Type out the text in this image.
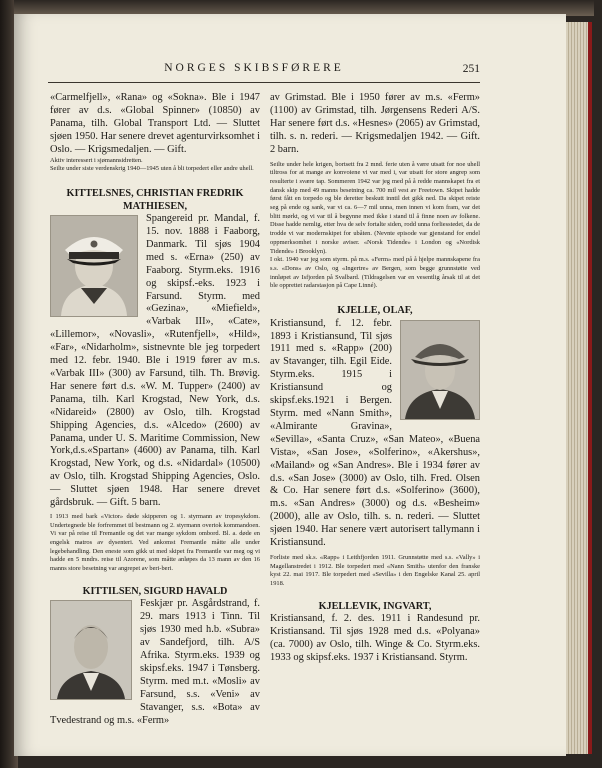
NORGES SKIBSFØRERE	251

«Carmelfjell», «Rana» og «Sokna». Ble i 1947 fører av d.s. «Global Spinner» (10850) av Panama, tilh. Global Transport Ltd. — Sluttet sjøen 1950. Har senere drevet agenturvirksomhet i Oslo. — Krigsmedaljen. — Gift.

Aktiv interessert i sjømannsidretten.

Seilte under siste verdenskrig 1940—1945 uten å bli torpedert eller andre uhell.

KITTELSNES, CHRISTIAN FREDRIK MATHIESEN,

Spangereid pr. Mandal, f. 15. nov. 1888 i Faaborg, Danmark. Til sjøs 1904 med s. «Erna» (250) av Faaborg. Styrm.eks. 1916 og skipsf.-eks. 1923 i Farsund. Styrm. med «Gezina», «Miefield», «Varbak III», «Cate», «Lillemor», «Novasli», «Rutenfjell», «Hild», «Far», «Nidarholm», sistnevnte ble jeg torpedert med 12. febr. 1940. Ble i 1919 fører av m.s. «Varbak III» (300) av Farsund, tilh. Th. Brøvig. Har senere ført d.s. «W. M. Tupper» (2400) av Panama, tilh. Karl Krogstad, New York, d.s. «Nidareid» (2800) av Oslo, tilh. Krogstad Shipping Agencies, d.s. «Alcedo» (2600) av Panama, under U. S. Maritime Commission, New York,d.s.«Spartan» (4600) av Panama, tilh. Karl Krogstad, New York, og d.s. «Nidardal» (10500) av Oslo, tilh. Krogstad Shipping Agencies, Oslo. — Sluttet sjøen 1948. Har senere drevet gårdsbruk. — Gift. 5 barn.

I 1913 med bark «Victor» døde skipperen og 1. styrmann av tropesykdom. Undertegnede ble forfremmet til bestmann og 2. styrmann overtok kommandoen. Vi var på reise til Fremantle og det var mange sykdom ombord. Bl. a. døde en engelsk matros av dysenteri. Ved ankomst Fremantle måtte alle under legebehandling. Den eneste som gikk ut med skipet fra Fremantle var meg og vi hadde en 5 mndrs. reise til Azorene, som måtte anløpes da 13 mann av den 16 manns store besetning var angrepet av beri-beri.

KITTILSEN, SIGURD HAVALD

Feskjær pr. Asgårdstrand, f. 29. mars 1913 i Tinn. Til sjøs 1930 med h.b. «Subra» av Sandefjord, tilh. A/S Afrika. Styrm.eks. 1939 og skipsf.eks. 1947 i Tønsberg. Styrm. med m.t. «Mosli» av Farsund, s.s. «Veni» av Stavanger, s.s. «Bota» av Tvedestrand og m.s. «Ferm»

av Grimstad. Ble i 1950 fører av m.s. «Ferm» (1100) av Grimstad, tilh. Jørgensens Rederi A/S. Har senere ført d.s. «Hesnes» (2065) av Grimstad, tilh. s. n. rederi. — Krigsmedaljen 1942. — Gift. 2 barn.

Seilte under hele krigen, bortsett fra 2 mnd. ferie uten å være utsatt for noe uhell tiltross for at mange av konvoiene vi var med i, var utsatt for store angrep som resulterte i svære tap. Sommeren 1942 var jeg med på å redde mannskapet fra et dansk skip med 49 manns besetning ca. 700 mil vest av Freetown. Skipet hadde først fått en torpedo og ble deretter beskutt inntil det gikk ned. Da skipet reiste seg på ende og sank, var vi ca. 6—7 mil unna, men innen vi kom fram, var det blitt mørkt, og vi var til å begynne med ikke i stand til å finne noen av folkene. Disse hadde nemlig, etter hva de selv fortalte siden, rodd unna forliesstedet, da de trodde vi var modernskipet for ubåten. (Nevnte episode var gjenstand for endel oppmerksomhet i norske aviser. «Norsk Tidende» i London og «Nordisk Tidende» i Brooklyn).

I okt. 1940 var jeg som styrm. på m.s. «Ferm» med på å hjelpe mannskapene fra s.s. «Dons» av Oslo, og «Ingertre» av Bergen, som begge grunnstøtte ved innløpet av Isfjorden på Svalbard. (Tildragelsen var en vesentlig årsak til at det ble opprettet radarstasjon på Cape Linné).

KJELLE, OLAF,

Kristiansund, f. 12. febr. 1893 i Kristiansund, Til sjøs 1911 med s. «Rapp» (200) av Stavanger, tilh. Egil Eide. Styrm.eks. 1915 i Kristiansund og skipsf.eks.1921 i Bergen. Styrm. med «Nann Smith», «Almirante Gravina», «Sevilla», «Santa Cruz», «San Mateo», «Buena Vista», «San Jose», «Solferino», «Akershus», «Mailand» og «San Andres». Ble i 1934 fører av d.s. «San Jose» (3000) av Oslo, tilh. Fred. Olsen & Co. Har senere ført d.s. «Solferino» (3600), m.s. «San Andres» (3000) og d.s. «Besheim» (2000), alle av Oslo, tilh. s. n. rederi. — Sluttet sjøen 1940. Har senere vært autorisert tallymann i Kristiansund.

Forliste med sk.s. «Rapp» i Leithfjorden 1911. Grunnstøtte med s.s. «Vally» i Magellanstredet i 1912. Ble torpedert med «Nann Smith» utenfor den franske kyst 22. mai 1917. Ble torpedert med «Sevilla» i den Engelske Kanal 25. april 1918.

KJELLEVIK, INGVART,

Kristiansand, f. 2. des. 1911 i Randesund pr. Kristiansand. Til sjøs 1928 med d.s. «Polyana» (ca. 7000) av Oslo, tilh. Winge & Co. Styrm.eks. 1933 og skipsf.eks. 1937 i Kristiansand. Styrm.
